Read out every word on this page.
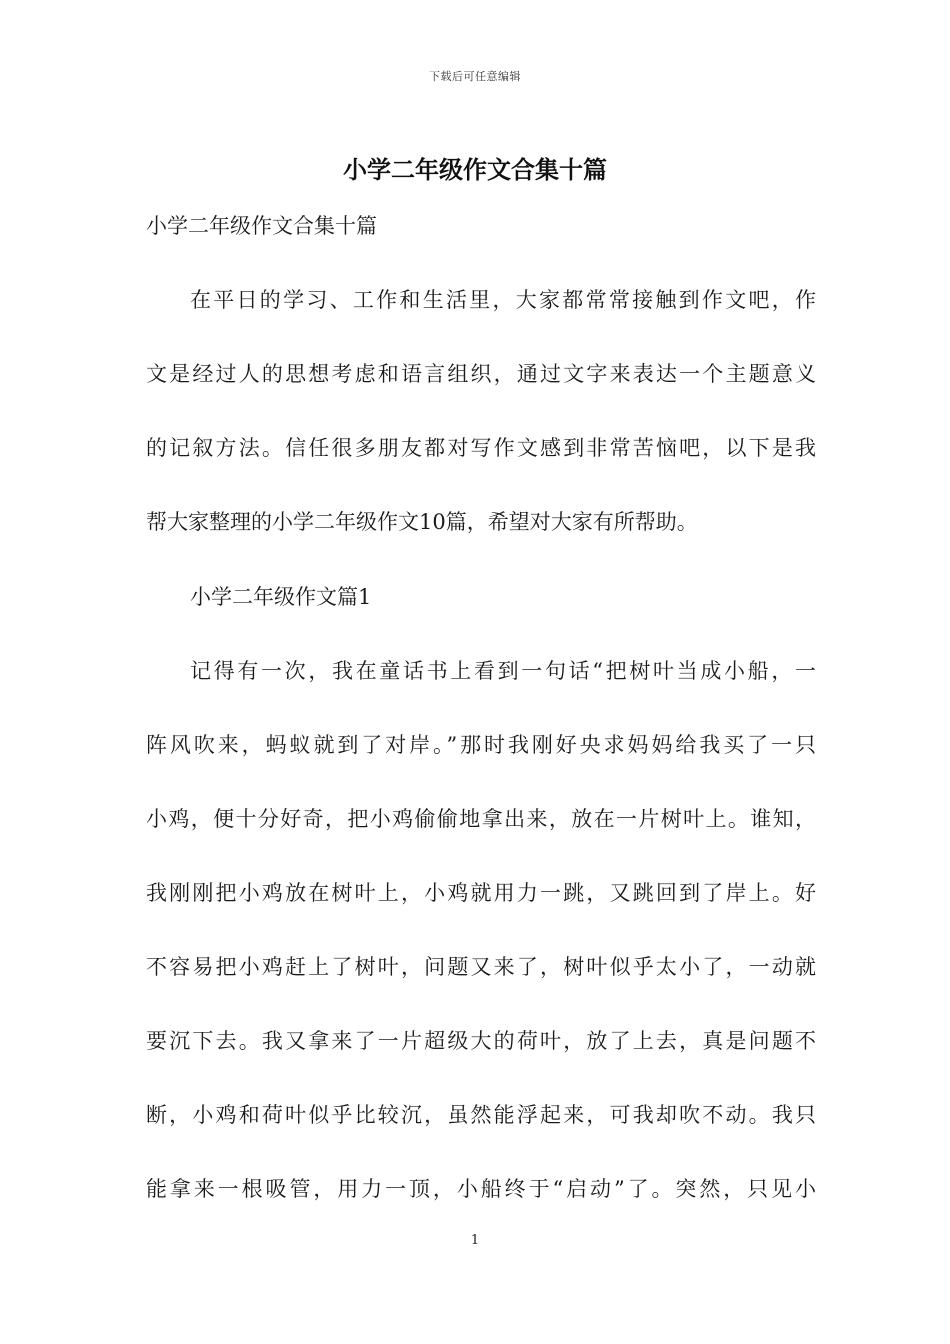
下载后可任意编辑
小学二年级作文合集十篇
小学二年级作文合集十篇
在平日的学习、工作和生活里，大家都常常接触到作文吧，作
文是经过人的思想考虑和语言组织，通过文字来表达一个主题意义
的记叙方法。信任很多朋友都对写作文感到非常苦恼吧，以下是我
帮大家整理的小学二年级作文10篇，希望对大家有所帮助。
小学二年级作文篇1
记得有一次，我在童话书上看到一句话“把树叶当成小船，一
阵风吹来，蚂蚁就到了对岸。”那时我刚好央求妈妈给我买了一只
小鸡，便十分好奇，把小鸡偷偷地拿出来，放在一片树叶上。谁知，
我刚刚把小鸡放在树叶上，小鸡就用力一跳，又跳回到了岸上。好
不容易把小鸡赶上了树叶，问题又来了，树叶似乎太小了，一动就
要沉下去。我又拿来了一片超级大的荷叶，放了上去，真是问题不
断，小鸡和荷叶似乎比较沉，虽然能浮起来，可我却吹不动。我只
能拿来一根吸管，用力一顶，小船终于“启动”了。突然，只见小
1
